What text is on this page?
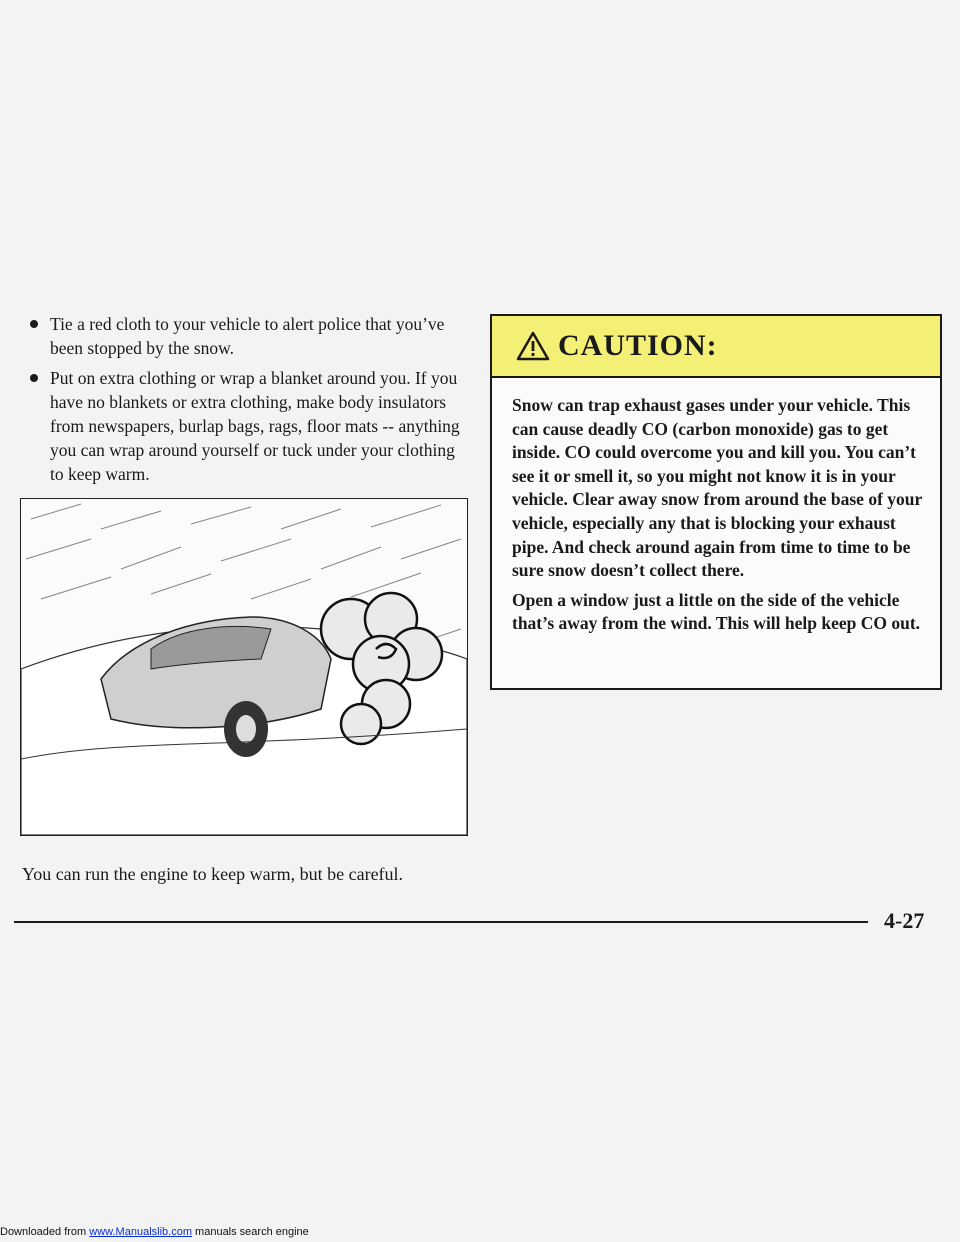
Tie a red cloth to your vehicle to alert police that you’ve been stopped by the snow.
Put on extra clothing or wrap a blanket around you. If you have no blankets or extra clothing, make body insulators from newspapers, burlap bags, rags, floor mats -- anything you can wrap around yourself or tuck under your clothing to keep warm.
CAUTION:

Snow can trap exhaust gases under your vehicle. This can cause deadly CO (carbon monoxide) gas to get inside. CO could overcome you and kill you. You can’t see it or smell it, so you might not know it is in your vehicle. Clear away snow from around the base of your vehicle, especially any that is blocking your exhaust pipe. And check around again from time to time to be sure snow doesn’t collect there.

Open a window just a little on the side of the vehicle that’s away from the wind. This will help keep CO out.

You can run the engine to keep warm, but be careful.
4-27
Downloaded from www.Manualslib.com manuals search engine
